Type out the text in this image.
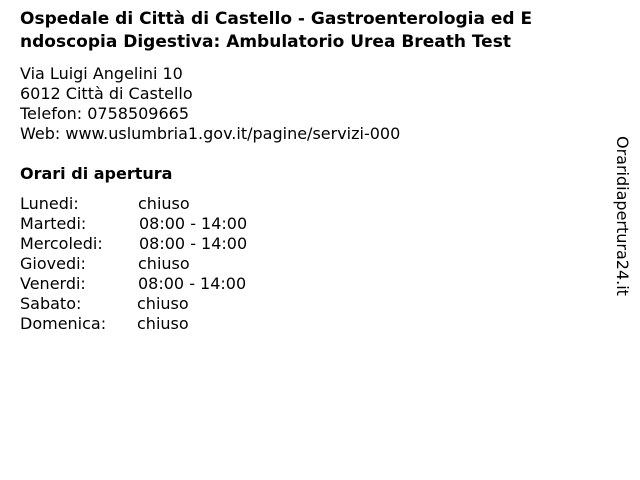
Ospedale di Città di Castello - Gastroenterologia ed E
ndoscopia Digestiva: Ambulatorio Urea Breath Test
Via Luigi Angelini 10
6012 Città di Castello
Telefon: 0758509665
Web: www.uslumbria1.gov.it/pagine/servizi-000
Orari di apertura
Lunedi:	chiuso
Martedi:	08:00 - 14:00
Mercoledi: 08:00 - 14:00
Giovedi:	chiuso
Venerdi:	08:00 - 14:00
Sabato:	chiuso
Domenica: chiuso
Oraridiapertura24.it
